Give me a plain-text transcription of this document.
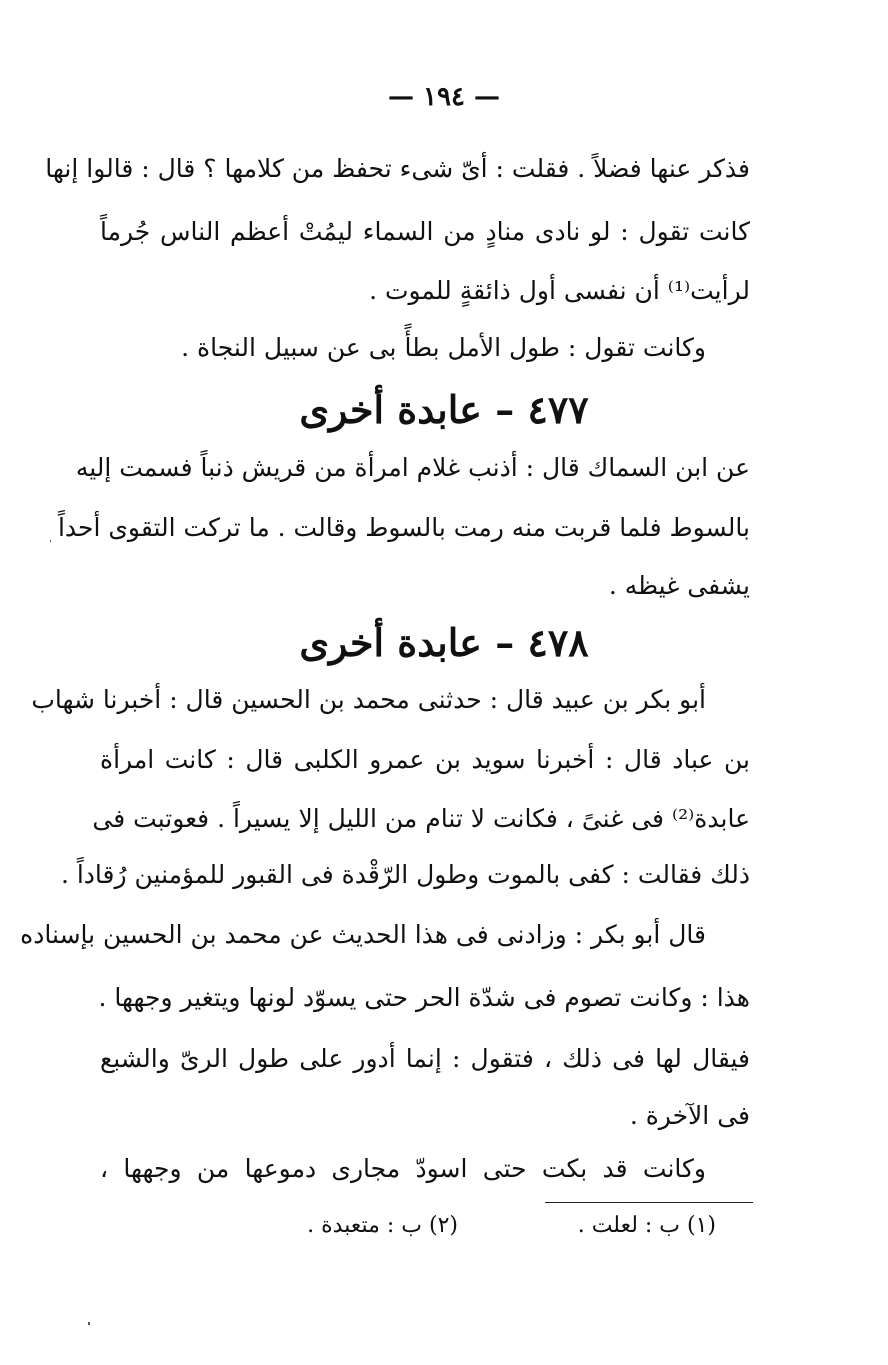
— ١٩٤ —
فذكر عنها فضلاً . فقلت : أىّ شىء تحفظ من كلامها ؟ قال : قالوا إنها
كانت تقول : لو نادى منادٍ من السماء ليمُتْ أعظم الناس جُرماً
لرأيت⁽¹⁾ أن نفسى أول ذائقةٍ للموت .
وكانت تقول : طول الأمل بطأً بى عن سبيل النجاة .
٤٧٧ – عابدة أخرى
عن ابن السماك قال : أذنب غلام امرأة من قريش ذنباً فسمت إليه
بالسوط فلما قربت منه رمت بالسوط وقالت . ما تركت التقوى أحداً
يشفى غيظه .
٤٧٨ – عابدة أخرى
أبو بكر بن عبيد قال : حدثنى محمد بن الحسين قال : أخبرنا شهاب
بن عباد قال : أخبرنا سويد بن عمرو الكلبى قال : كانت امرأة
عابدة⁽²⁾ فى غنىً ، فكانت لا تنام من الليل إلا يسيراً . فعوتبت فى
ذلك فقالت : كفى بالموت وطول الرّقْدة فى القبور للمؤمنين رُقاداً .
قال أبو بكر : وزادنى فى هذا الحديث عن محمد بن الحسين بإسناده
هذا : وكانت تصوم فى شدّة الحر حتى يسوّد لونها ويتغير وجهها .
فيقال لها فى ذلك ، فتقول : إنما أدور على طول الرىّ والشبع
فى الآخرة .
وكانت قد بكت حتى اسودّ مجارى دموعها من وجهها ،
(١) ب : لعلت .
(٢) ب : متعبدة .
